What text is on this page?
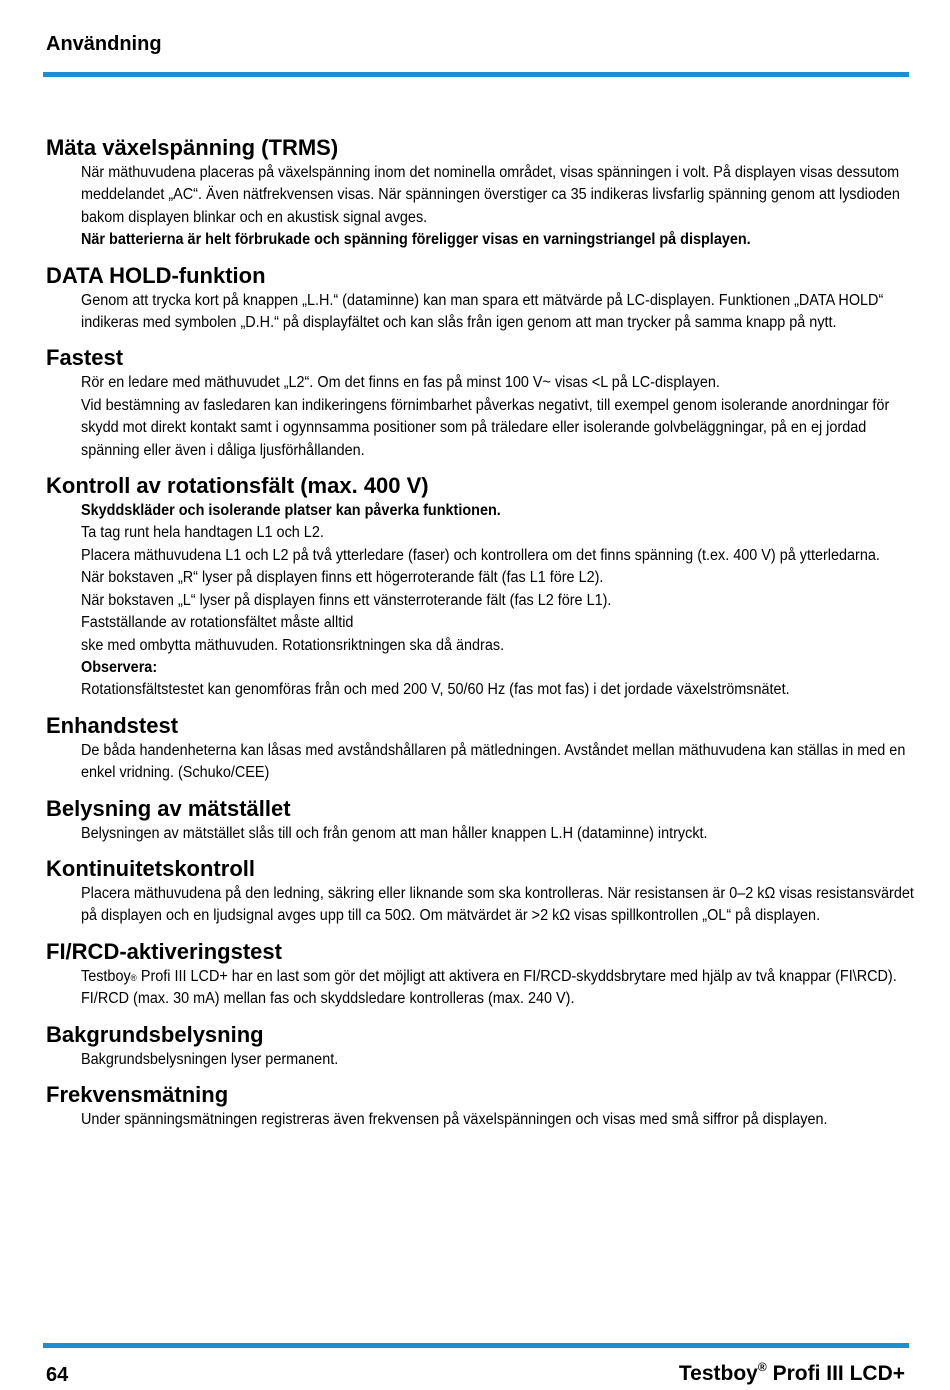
Användning
Mäta växelspänning (TRMS)

När mäthuvudena placeras på växelspänning inom det nominella området, visas spänningen i volt. På displayen visas dessutom meddelandet „AC“. Även nätfrekvensen visas. När spänningen överstiger ca 35 indikeras livsfarlig spänning genom att lysdioden bakom displayen blinkar och en akustisk signal avges.

När batterierna är helt förbrukade och spänning föreligger visas en varningstriangel på displayen.

DATA HOLD-funktion

Genom att trycka kort på knappen „L.H.“ (dataminne) kan man spara ett mätvärde på LC-displayen. Funktionen „DATA HOLD“ indikeras med symbolen „D.H.“ på displayfältet och kan slås från igen genom att man trycker på samma knapp på nytt.

Fastest

Rör en ledare med mäthuvudet „L2“. Om det finns en fas på minst 100 V~ visas <L på LC-displayen.

Vid bestämning av fasledaren kan indikeringens förnimbarhet påverkas negativt, till exempel genom isolerande anordningar för skydd mot direkt kontakt samt i ogynnsamma positioner som på träledare eller isolerande golvbeläggningar, på en ej jordad spänning eller även i dåliga ljusförhållanden.

Kontroll av rotationsfält (max. 400 V)

Skyddskläder och isolerande platser kan påverka funktionen.

Ta tag runt hela handtagen L1 och L2.

Placera mäthuvudena L1 och L2 på två ytterledare (faser) och kontrollera om det finns spänning (t.ex. 400 V) på ytterledarna.

När bokstaven „R“ lyser på displayen finns ett högerroterande fält (fas L1 före L2).

När bokstaven „L“ lyser på displayen finns ett vänsterroterande fält (fas L2 före L1).

Fastställande av rotationsfältet måste alltid

ske med ombytta mäthuvuden. Rotationsriktningen ska då ändras.

Observera:

Rotationsfältstestet kan genomföras från och med 200 V, 50/60 Hz (fas mot fas) i det jordade växelströmsnätet.

Enhandstest

De båda handenheterna kan låsas med avståndshållaren på mätledningen. Avståndet mellan mäthuvudena kan ställas in med en enkel vridning. (Schuko/CEE)

Belysning av mätstället

Belysningen av mätstället slås till och från genom att man håller knappen L.H (dataminne) intryckt.

Kontinuitetskontroll

Placera mäthuvudena på den ledning, säkring eller liknande som ska kontrolleras. När resistansen är 0–2 kΩ visas resistansvärdet på displayen och en ljudsignal avges upp till ca 50Ω. Om mätvärdet är >2 kΩ visas spillkontrollen „OL“ på displayen.

FI/RCD-aktiveringstest

Testboy® Profi III LCD+ har en last som gör det möjligt att aktivera en FI/RCD-skyddsbrytare med hjälp av två knappar (FI\RCD). FI/RCD (max. 30 mA) mellan fas och skyddsledare kontrolleras (max. 240 V).

Bakgrundsbelysning

Bakgrundsbelysningen lyser permanent.

Frekvensmätning

Under spänningsmätningen registreras även frekvensen på växelspänningen och visas med små siffror på displayen.

64	Testboy® Profi III LCD+
